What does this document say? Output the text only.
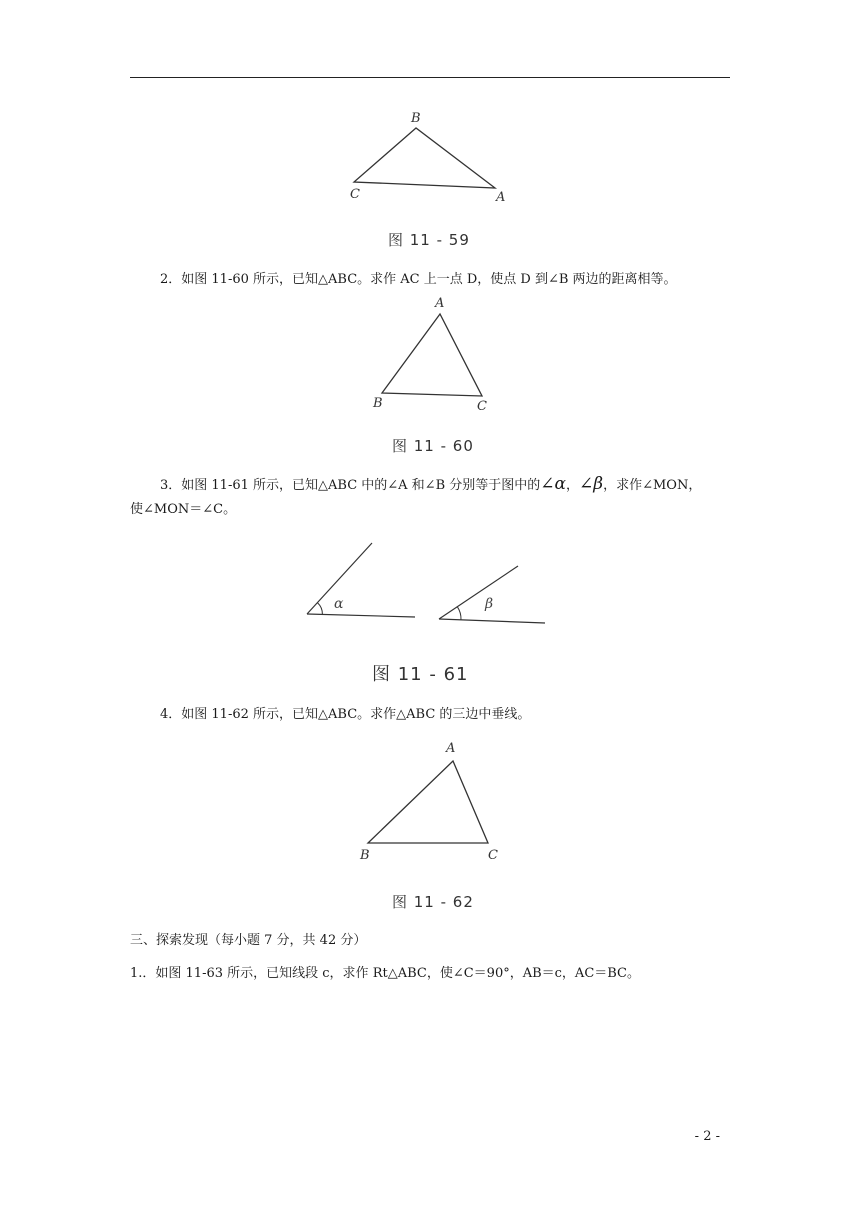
B
C	A
图 11 - 59
2．如图 11-60 所示，已知△ABC。求作 AC 上一点 D，使点 D 到∠B 两边的距离相等。
A
B	C
图 11 - 60
3．如图 11-61 所示，已知△ABC 中的∠A 和∠B 分别等于图中的∠α，∠β，求作∠MON，
使∠MON＝∠C。
α	β
图 11 - 61
4．如图 11-62 所示，已知△ABC。求作△ABC 的三边中垂线。
A
B	C
图 11 - 62
三、探索发现（每小题 7 分，共 42 分）
1.．如图 11-63 所示，已知线段 c，求作 Rt△ABC，使∠C＝90°，AB＝c，AC＝BC。
- 2 -
